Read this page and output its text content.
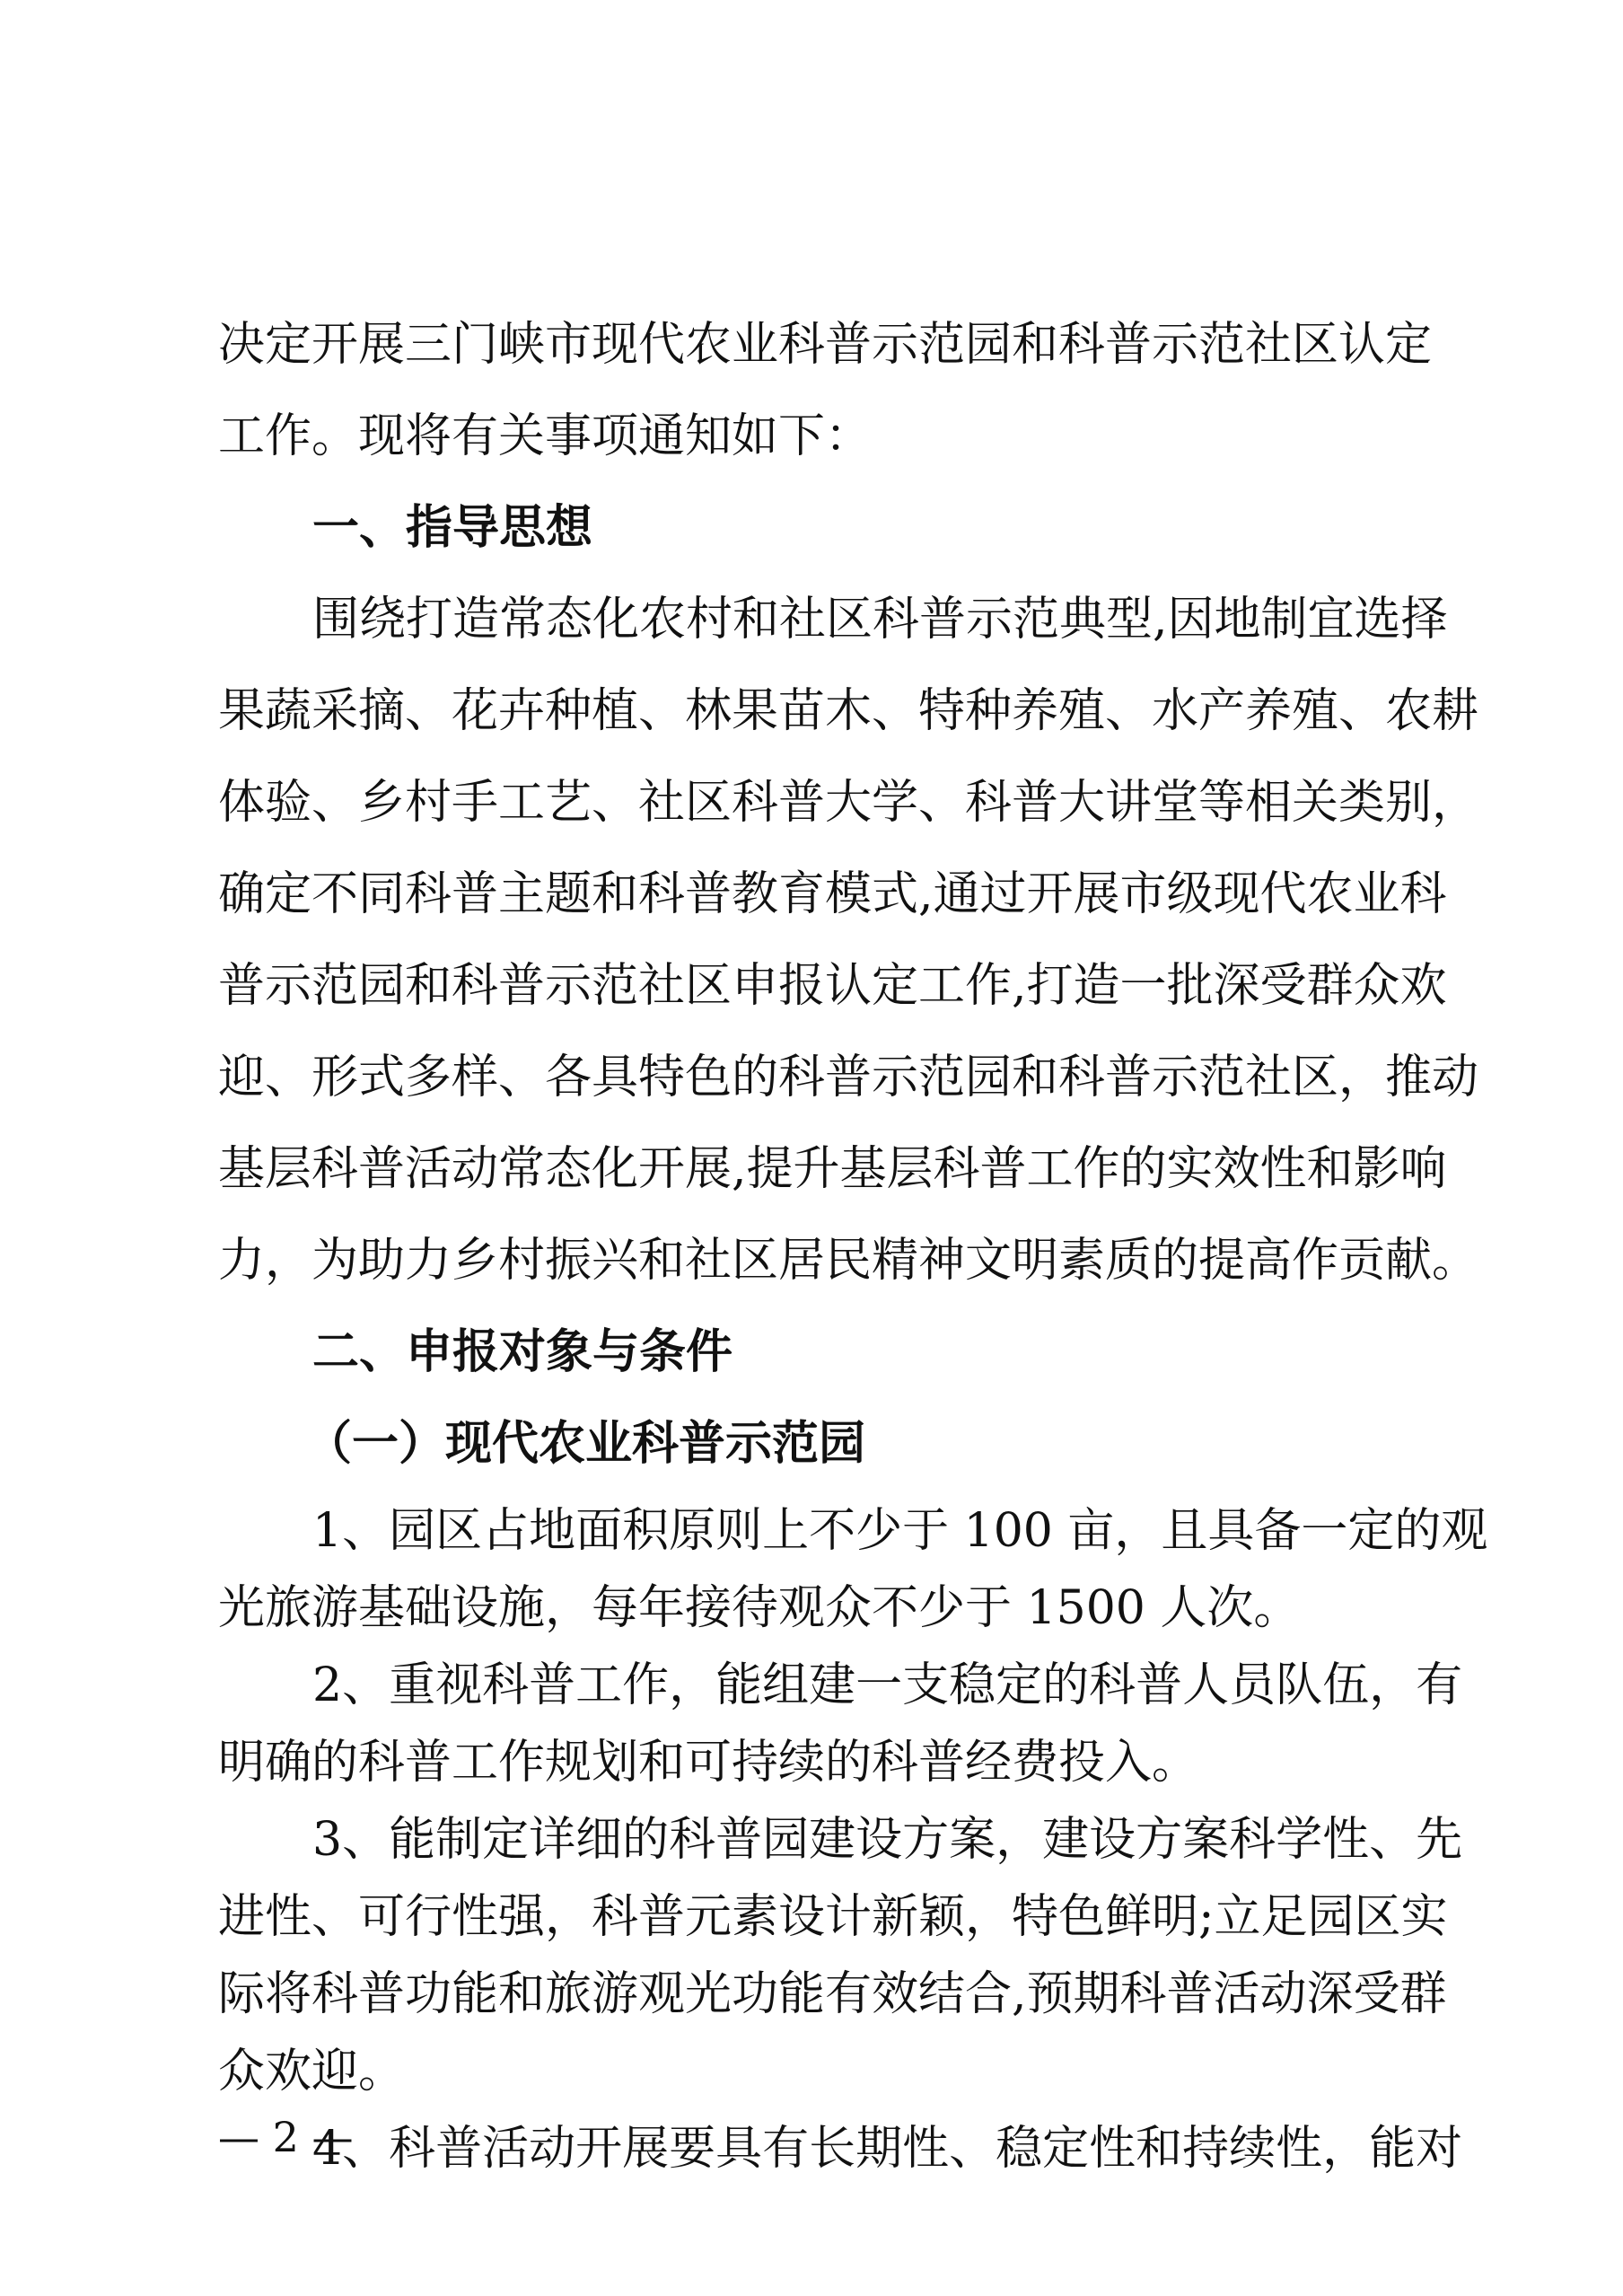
决定开展三门峡市现代农业科普示范园和科普示范社区认定
工作。现将有关事项通知如下：
一、指导思想
围绕打造常态化农村和社区科普示范典型,因地制宜选择
果蔬采摘、花卉种植、林果苗木、特种养殖、水产养殖、农耕
体验、乡村手工艺、社区科普大学、科普大讲堂等相关类别，
确定不同科普主题和科普教育模式,通过开展市级现代农业科
普示范园和科普示范社区申报认定工作,打造一批深受群众欢
迎、形式多样、各具特色的科普示范园和科普示范社区，推动
基层科普活动常态化开展,提升基层科普工作的实效性和影响
力，为助力乡村振兴和社区居民精神文明素质的提高作贡献。
二、申报对象与条件
（一）现代农业科普示范园
1、园区占地面积原则上不少于 100 亩，且具备一定的观
光旅游基础设施，每年接待观众不少于 1500 人次。
2、重视科普工作，能组建一支稳定的科普人员队伍，有
明确的科普工作规划和可持续的科普经费投入。
3、能制定详细的科普园建设方案，建设方案科学性、先
进性、可行性强，科普元素设计新颖，特色鲜明;立足园区实
际将科普功能和旅游观光功能有效结合,预期科普活动深受群
— 2 —
众欢迎。
4、科普活动开展要具有长期性、稳定性和持续性，能对
